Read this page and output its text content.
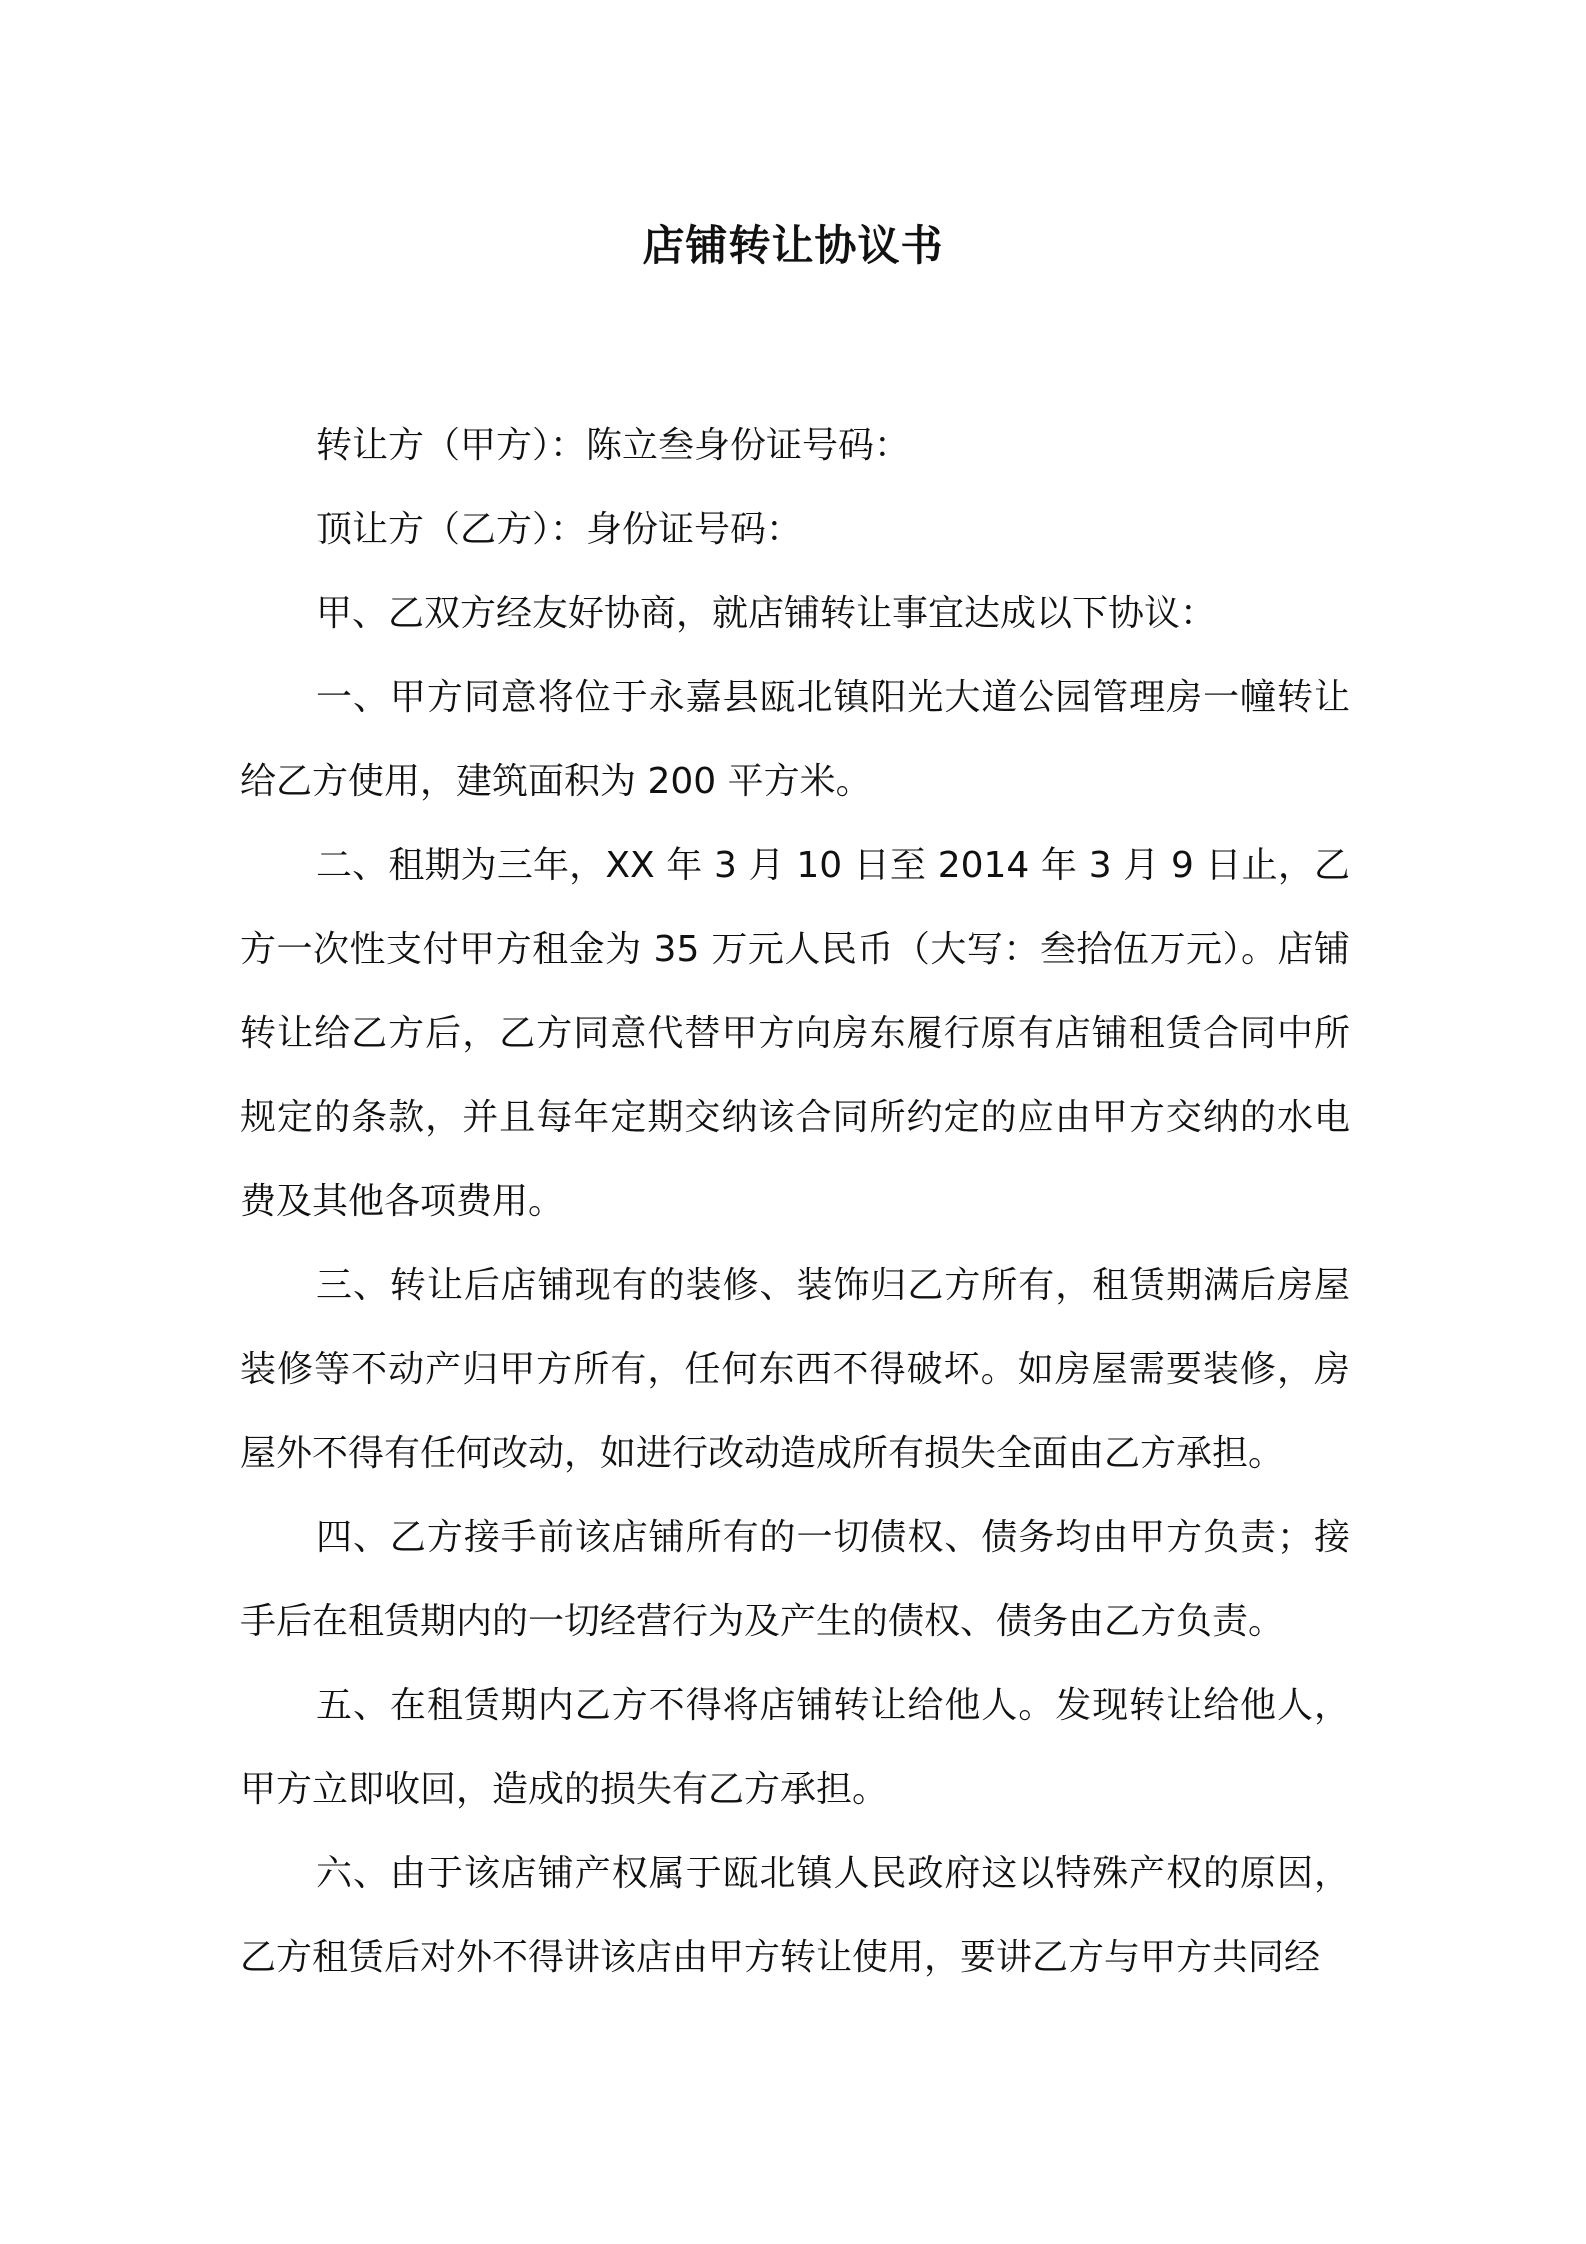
店铺转让协议书

转让方（甲方）：陈立叁身份证号码：

顶让方（乙方）：身份证号码：

甲、乙双方经友好协商，就店铺转让事宜达成以下协议：

一、甲方同意将位于永嘉县瓯北镇阳光大道公园管理房一幢转让给乙方使用，建筑面积为 200 平方米。

二、租期为三年，XX 年 3 月 10 日至 2014 年 3 月 9 日止，乙方一次性支付甲方租金为 35 万元人民币（大写：叁拾伍万元）。店铺转让给乙方后，乙方同意代替甲方向房东履行原有店铺租赁合同中所规定的条款，并且每年定期交纳该合同所约定的应由甲方交纳的水电费及其他各项费用。

三、转让后店铺现有的装修、装饰归乙方所有，租赁期满后房屋装修等不动产归甲方所有，任何东西不得破坏。如房屋需要装修，房屋外不得有任何改动，如进行改动造成所有损失全面由乙方承担。

四、乙方接手前该店铺所有的一切债权、债务均由甲方负责；接手后在租赁期内的一切经营行为及产生的债权、债务由乙方负责。

五、在租赁期内乙方不得将店铺转让给他人。发现转让给他人，甲方立即收回，造成的损失有乙方承担。

六、由于该店铺产权属于瓯北镇人民政府这以特殊产权的原因，乙方租赁后对外不得讲该店由甲方转让使用，要讲乙方与甲方共同经
